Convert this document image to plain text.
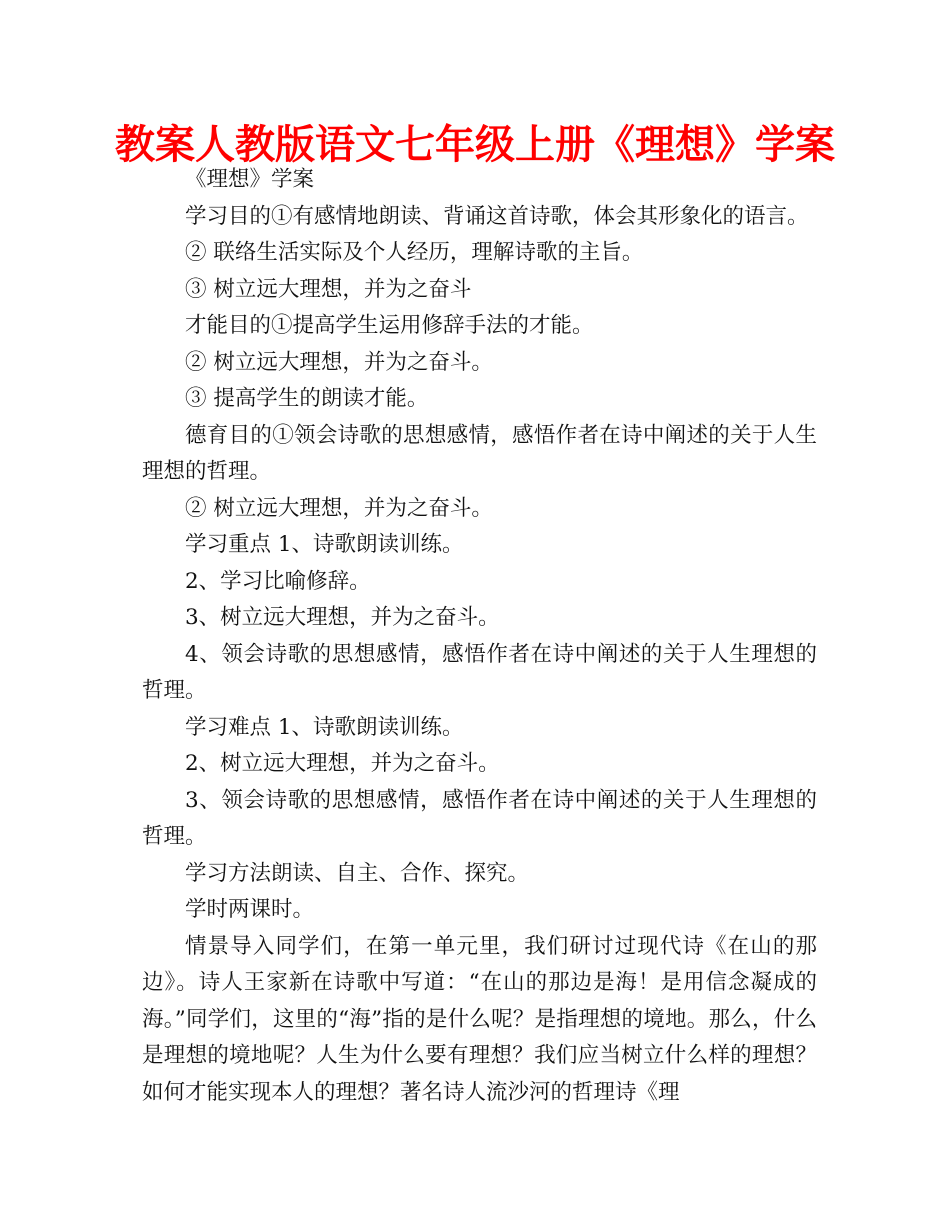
教案人教版语文七年级上册《理想》学案

《理想》学案

学习目的①有感情地朗读、背诵这首诗歌，体会其形象化的语言。

② 联络生活实际及个人经历，理解诗歌的主旨。

③ 树立远大理想，并为之奋斗

才能目的①提高学生运用修辞手法的才能。

② 树立远大理想，并为之奋斗。

③ 提高学生的朗读才能。

德育目的①领会诗歌的思想感情，感悟作者在诗中阐述的关于人生理想的哲理。

② 树立远大理想，并为之奋斗。

学习重点 1、诗歌朗读训练。

2、学习比喻修辞。

3、树立远大理想，并为之奋斗。

4、领会诗歌的思想感情，感悟作者在诗中阐述的关于人生理想的哲理。

学习难点 1、诗歌朗读训练。

2、树立远大理想，并为之奋斗。

3、领会诗歌的思想感情，感悟作者在诗中阐述的关于人生理想的哲理。

学习方法朗读、自主、合作、探究。

学时两课时。

情景导入同学们，在第一单元里，我们研讨过现代诗《在山的那边》。诗人王家新在诗歌中写道：“在山的那边是海！是用信念凝成的海。”同学们，这里的“海”指的是什么呢？是指理想的境地。那么，什么是理想的境地呢？人生为什么要有理想？我们应当树立什么样的理想？如何才能实现本人的理想？著名诗人流沙河的哲理诗《理
